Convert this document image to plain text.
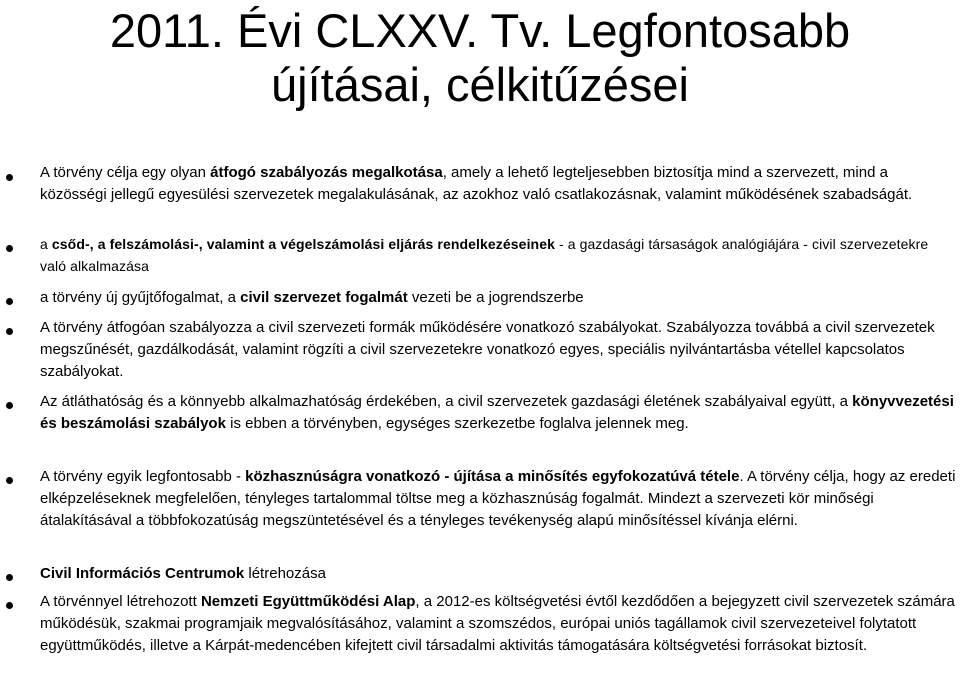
2011. Évi CLXXV. Tv. Legfontosabb
újításai, célkitűzései
A törvény célja egy olyan átfogó szabályozás megalkotása, amely a lehető legteljesebben biztosítja mind a szervezett, mind a közösségi jellegű egyesülési szervezetek megalakulásának, az azokhoz való csatlakozásnak, valamint működésének szabadságát.
a csőd-, a felszámolási-, valamint a végelszámolási eljárás rendelkezéseinek - a gazdasági társaságok analógiájára - civil szervezetekre való alkalmazása
a törvény új gyűjtőfogalmat, a civil szervezet fogalmát vezeti be a jogrendszerbe
A törvény átfogóan szabályozza a civil szervezeti formák működésére vonatkozó szabályokat. Szabályozza továbbá a civil szervezetek megszűnését, gazdálkodását, valamint rögzíti a civil szervezetekre vonatkozó egyes, speciális nyilvántartásba vétellel kapcsolatos szabályokat.
Az átláthatóság és a könnyebb alkalmazhatóság érdekében, a civil szervezetek gazdasági életének szabályaival együtt, a könyvvezetési és beszámolási szabályok is ebben a törvényben, egységes szerkezetbe foglalva jelennek meg.
A törvény egyik legfontosabb - közhasznúságra vonatkozó - újítása a minősítés egyfokozatúvá tétele. A törvény célja, hogy az eredeti elképzeléseknek megfelelően, tényleges tartalommal töltse meg a közhasznúság fogalmát. Mindezt a szervezeti kör minőségi átalakításával a többfokozatúság megszüntetésével és a tényleges tevékenység alapú minősítéssel kívánja elérni.
Civil Információs Centrumok létrehozása
A törvénnyel létrehozott Nemzeti Együttműködési Alap, a 2012-es költségvetési évtől kezdődően a bejegyzett civil szervezetek számára működésük, szakmai programjaik megvalósításához, valamint a szomszédos, európai uniós tagállamok civil szervezeteivel folytatott együttműködés, illetve a Kárpát-medencében kifejtett civil társadalmi aktivitás támogatására költségvetési forrásokat biztosít.
